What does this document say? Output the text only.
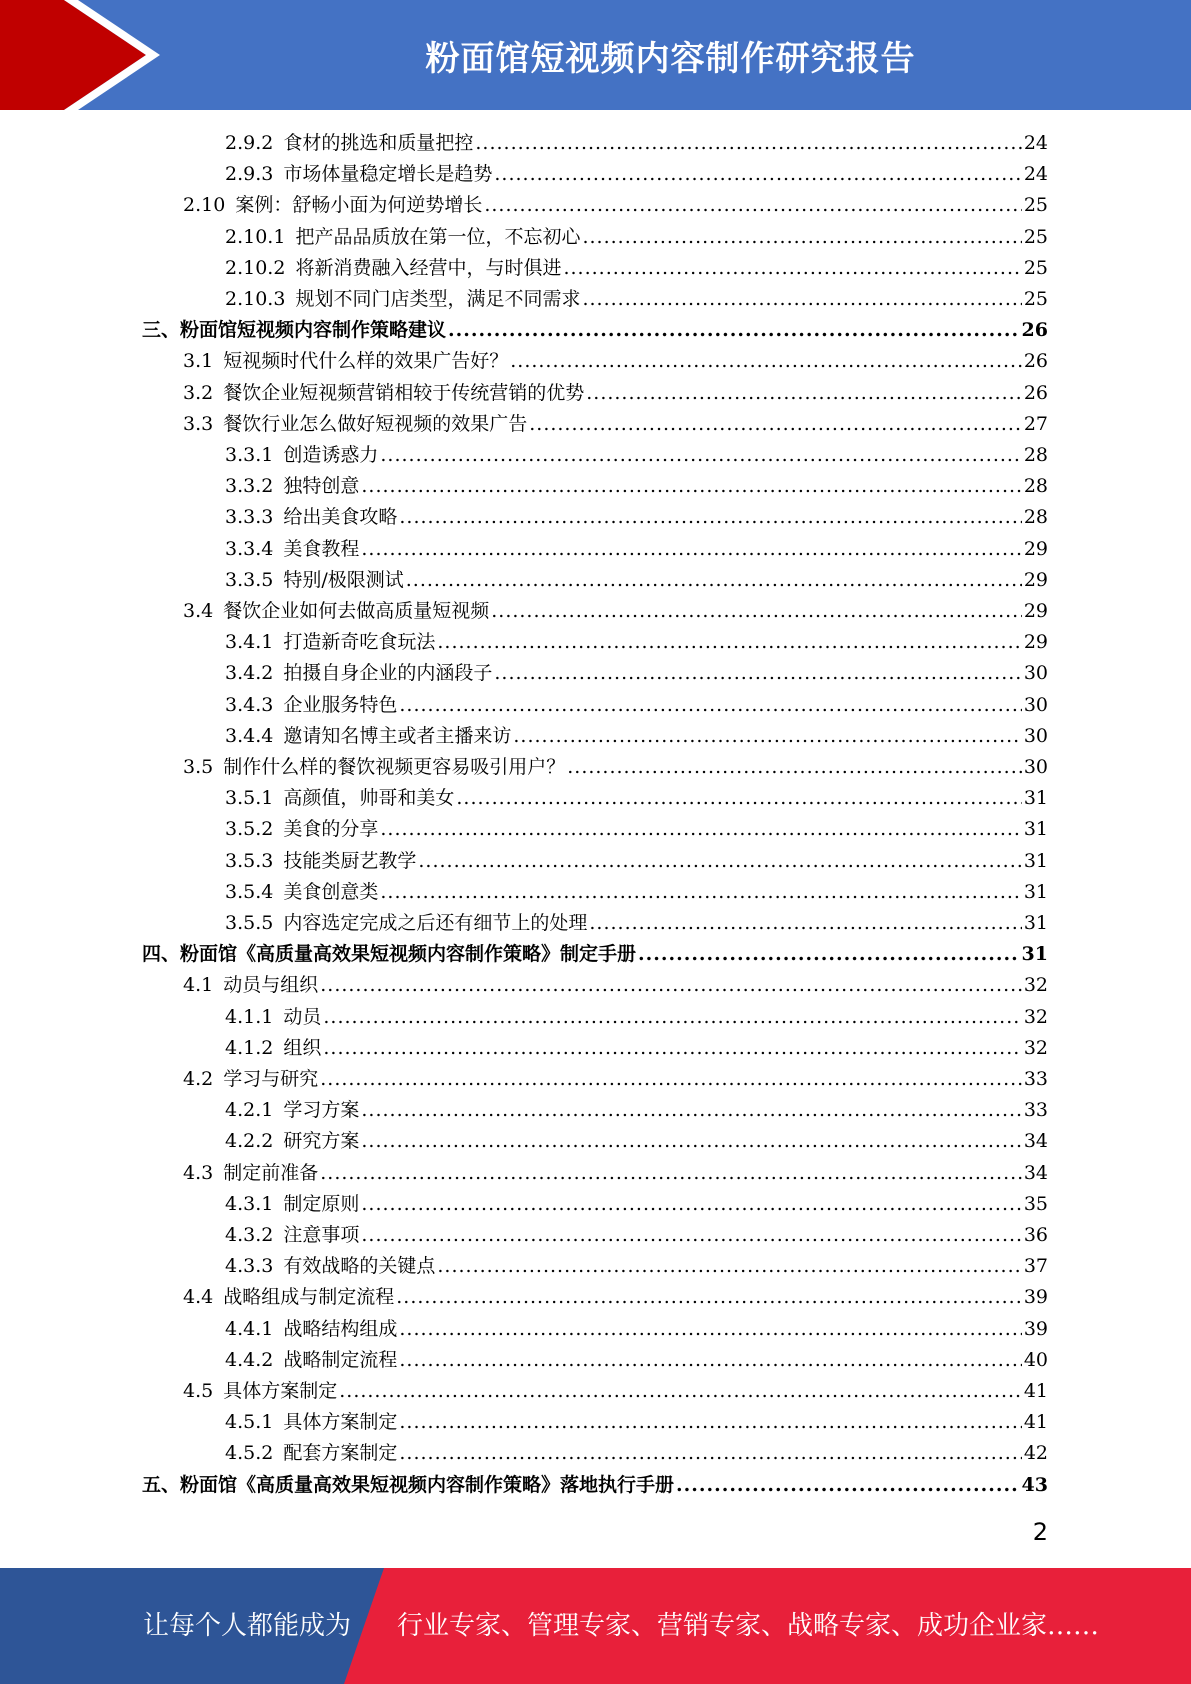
粉面馆短视频内容制作研究报告
2.9.2 食材的挑选和质量把控 .....	24
2.9.3 市场体量稳定增长是趋势 .....	24
2.10 案例：舒畅小面为何逆势增长 .....	25
2.10.1 把产品品质放在第一位，不忘初心 .....	25
2.10.2 将新消费融入经营中，与时俱进 .....	25
2.10.3 规划不同门店类型，满足不同需求 .....	25
三、粉面馆短视频内容制作策略建议 .....	26
3.1 短视频时代什么样的效果广告好？ .....	26
3.2 餐饮企业短视频营销相较于传统营销的优势 .....	26
3.3 餐饮行业怎么做好短视频的效果广告 .....	27
3.3.1 创造诱惑力 .....	28
3.3.2 独特创意 .....	28
3.3.3 给出美食攻略 .....	28
3.3.4 美食教程 .....	29
3.3.5 特别/极限测试 .....	29
3.4 餐饮企业如何去做高质量短视频 .....	29
3.4.1 打造新奇吃食玩法 .....	29
3.4.2 拍摄自身企业的内涵段子 .....	30
3.4.3 企业服务特色 .....	30
3.4.4 邀请知名博主或者主播来访 .....	30
3.5 制作什么样的餐饮视频更容易吸引用户？ .....	30
3.5.1 高颜值，帅哥和美女 .....	31
3.5.2 美食的分享 .....	31
3.5.3 技能类厨艺教学 .....	31
3.5.4 美食创意类 .....	31
3.5.5 内容选定完成之后还有细节上的处理 .....	31
四、粉面馆《高质量高效果短视频内容制作策略》制定手册 .....	31
4.1 动员与组织 .....	32
4.1.1 动员 .....	32
4.1.2 组织 .....	32
4.2 学习与研究 .....	33
4.2.1 学习方案 .....	33
4.2.2 研究方案 .....	34
4.3 制定前准备 .....	34
4.3.1 制定原则 .....	35
4.3.2 注意事项 .....	36
4.3.3 有效战略的关键点 .....	37
4.4 战略组成与制定流程 .....	39
4.4.1 战略结构组成 .....	39
4.4.2 战略制定流程 .....	40
4.5 具体方案制定 .....	41
4.5.1 具体方案制定 .....	41
4.5.2 配套方案制定 .....	42
五、粉面馆《高质量高效果短视频内容制作策略》落地执行手册 .....	43
2
让每个人都能成为 行业专家、管理专家、营销专家、战略专家、成功企业家……
